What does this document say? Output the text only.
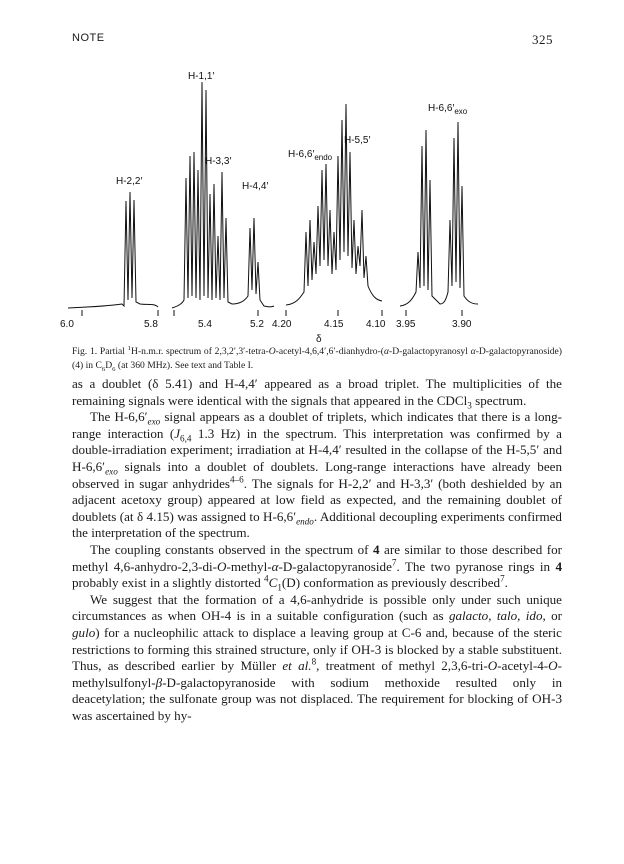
NOTE	325
H-1,1′
H-2,2′
H-3,3′
H-4,4′
$H-6,6'_{endo}$
H-5,5′
$H-6,6'_{exo}$
6.0	5.8	5.4	5.2 4.20	4.15 4.10 3.95	3.90
δ
Fig. 1. Partial $^1$H-n.m.r. spectrum of 2,3,2′,3′-tetra-O-acetyl-4,6,4′,6′-dianhydro-(α-D-galactopyranosyl α-D-galactopyranoside) (4) in $C_6D_6$ (at 360 MHz). See text and Table I.

as a doublet (δ 5.41) and H-4,4′ appeared as a broad triplet. The multiplicities of the remaining signals were identical with the signals that appeared in the CDCl$_3$ spectrum.

The $H-6,6'_{exo}$ signal appears as a doublet of triplets, which indicates that there is a long-range interaction ($J_{6,4}$ 1.3 Hz) in the spectrum. This interpretation was confirmed by a double-irradiation experiment; irradiation at H-4,4′ resulted in the collapse of the H-5,5′ and $H-6,6'_{exo}$ signals into a doublet of doublets. Long-range interactions have already been observed in sugar anhydrides$^{4-6}$. The signals for H-2,2′ and H-3,3′ (both deshielded by an adjacent acetoxy group) appeared at low field as expected, and the remaining doublet of doublets (at δ 4.15) was assigned to $H-6,6'_{endo}$. Additional decoupling experiments confirmed the interpretation of the spectrum.

The coupling constants observed in the spectrum of 4 are similar to those described for methyl 4,6-anhydro-2,3-di-O-methyl-α-D-galactopyranoside$^7$. The two pyranose rings in 4 probably exist in a slightly distorted $^4C_1(D)$ conformation as previously described$^7$.

We suggest that the formation of a 4,6-anhydride is possible only under such unique circumstances as when OH-4 is in a suitable configuration (such as galacto, talo, ido, or gulo) for a nucleophilic attack to displace a leaving group at C-6 and, because of the steric restrictions to forming this strained structure, only if OH-3 is blocked by a stable substituent. Thus, as described earlier by Müller et al.$^8$, treatment of methyl 2,3,6-tri-O-acetyl-4-O-methylsulfonyl-β-D-galactopyranoside with sodium methoxide resulted only in deacetylation; the sulfonate group was not displaced. The requirement for blocking of OH-3 was ascertained by hy-
